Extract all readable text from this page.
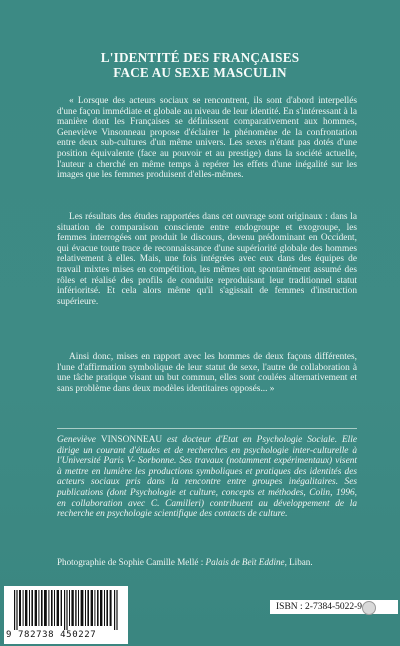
L'IDENTITÉ DES FRANÇAISES
FACE AU SEXE MASCULIN

« Lorsque des acteurs sociaux se rencontrent, ils sont d'abord interpellés d'une façon immédiate et globale au niveau de leur identité. En s'intéressant à la manière dont les Françaises se définissent comparativement aux hommes, Geneviève Vinsonneau propose d'éclairer le phénomène de la confrontation entre deux sub-cultures d'un même univers. Les sexes n'étant pas dotés d'une position équivalente (face au pouvoir et au prestige) dans la société actuelle, l'auteur a cherché en même temps à repérer les effets d'une inégalité sur les images que les femmes produisent d'elles-mêmes.

Les résultats des études rapportées dans cet ouvrage sont originaux : dans la situation de comparaison consciente entre endogroupe et exogroupe, les femmes interrogées ont produit le discours, devenu prédominant en Occident, qui évacue toute trace de reconnaissance d'une supériorité globale des hommes relativement à elles. Mais, une fois intégrées avec eux dans des équipes de travail mixtes mises en compétition, les mêmes ont spontanément assumé des rôles et réalisé des profils de conduite reproduisant leur traditionnel statut inférioritsé. Et cela alors même qu'il s'agissait de femmes d'instruction supérieure.

Ainsi donc, mises en rapport avec les hommes de deux façons différentes, l'une d'affirmation symbolique de leur statut de sexe, l'autre de collaboration à une tâche pratique visant un but commun, elles sont coulées alternativement et sans problème dans deux modèles identitaires opposés... »

Geneviève VINSONNEAU est docteur d'Etat en Psychologie Sociale. Elle dirige un courant d'études et de recherches en psychologie inter-culturelle à l'Université Paris V- Sorbonne. Ses travaux (notamment expérimentaux) visent à mettre en lumière les productions symboliques et pratiques des identités des acteurs sociaux pris dans la rencontre entre groupes inégalitaires. Ses publications (dont Psychologie et culture, concepts et méthodes, Colin, 1996, en collaboration avec C. Camilleri) contribuent au développement de la recherche en psychologie scientifique des contacts de culture.
Photographie de Sophie Camille Mellé : Palais de Beït Eddine, Liban.
9 782738 450227
ISBN : 2-7384-5022-9
